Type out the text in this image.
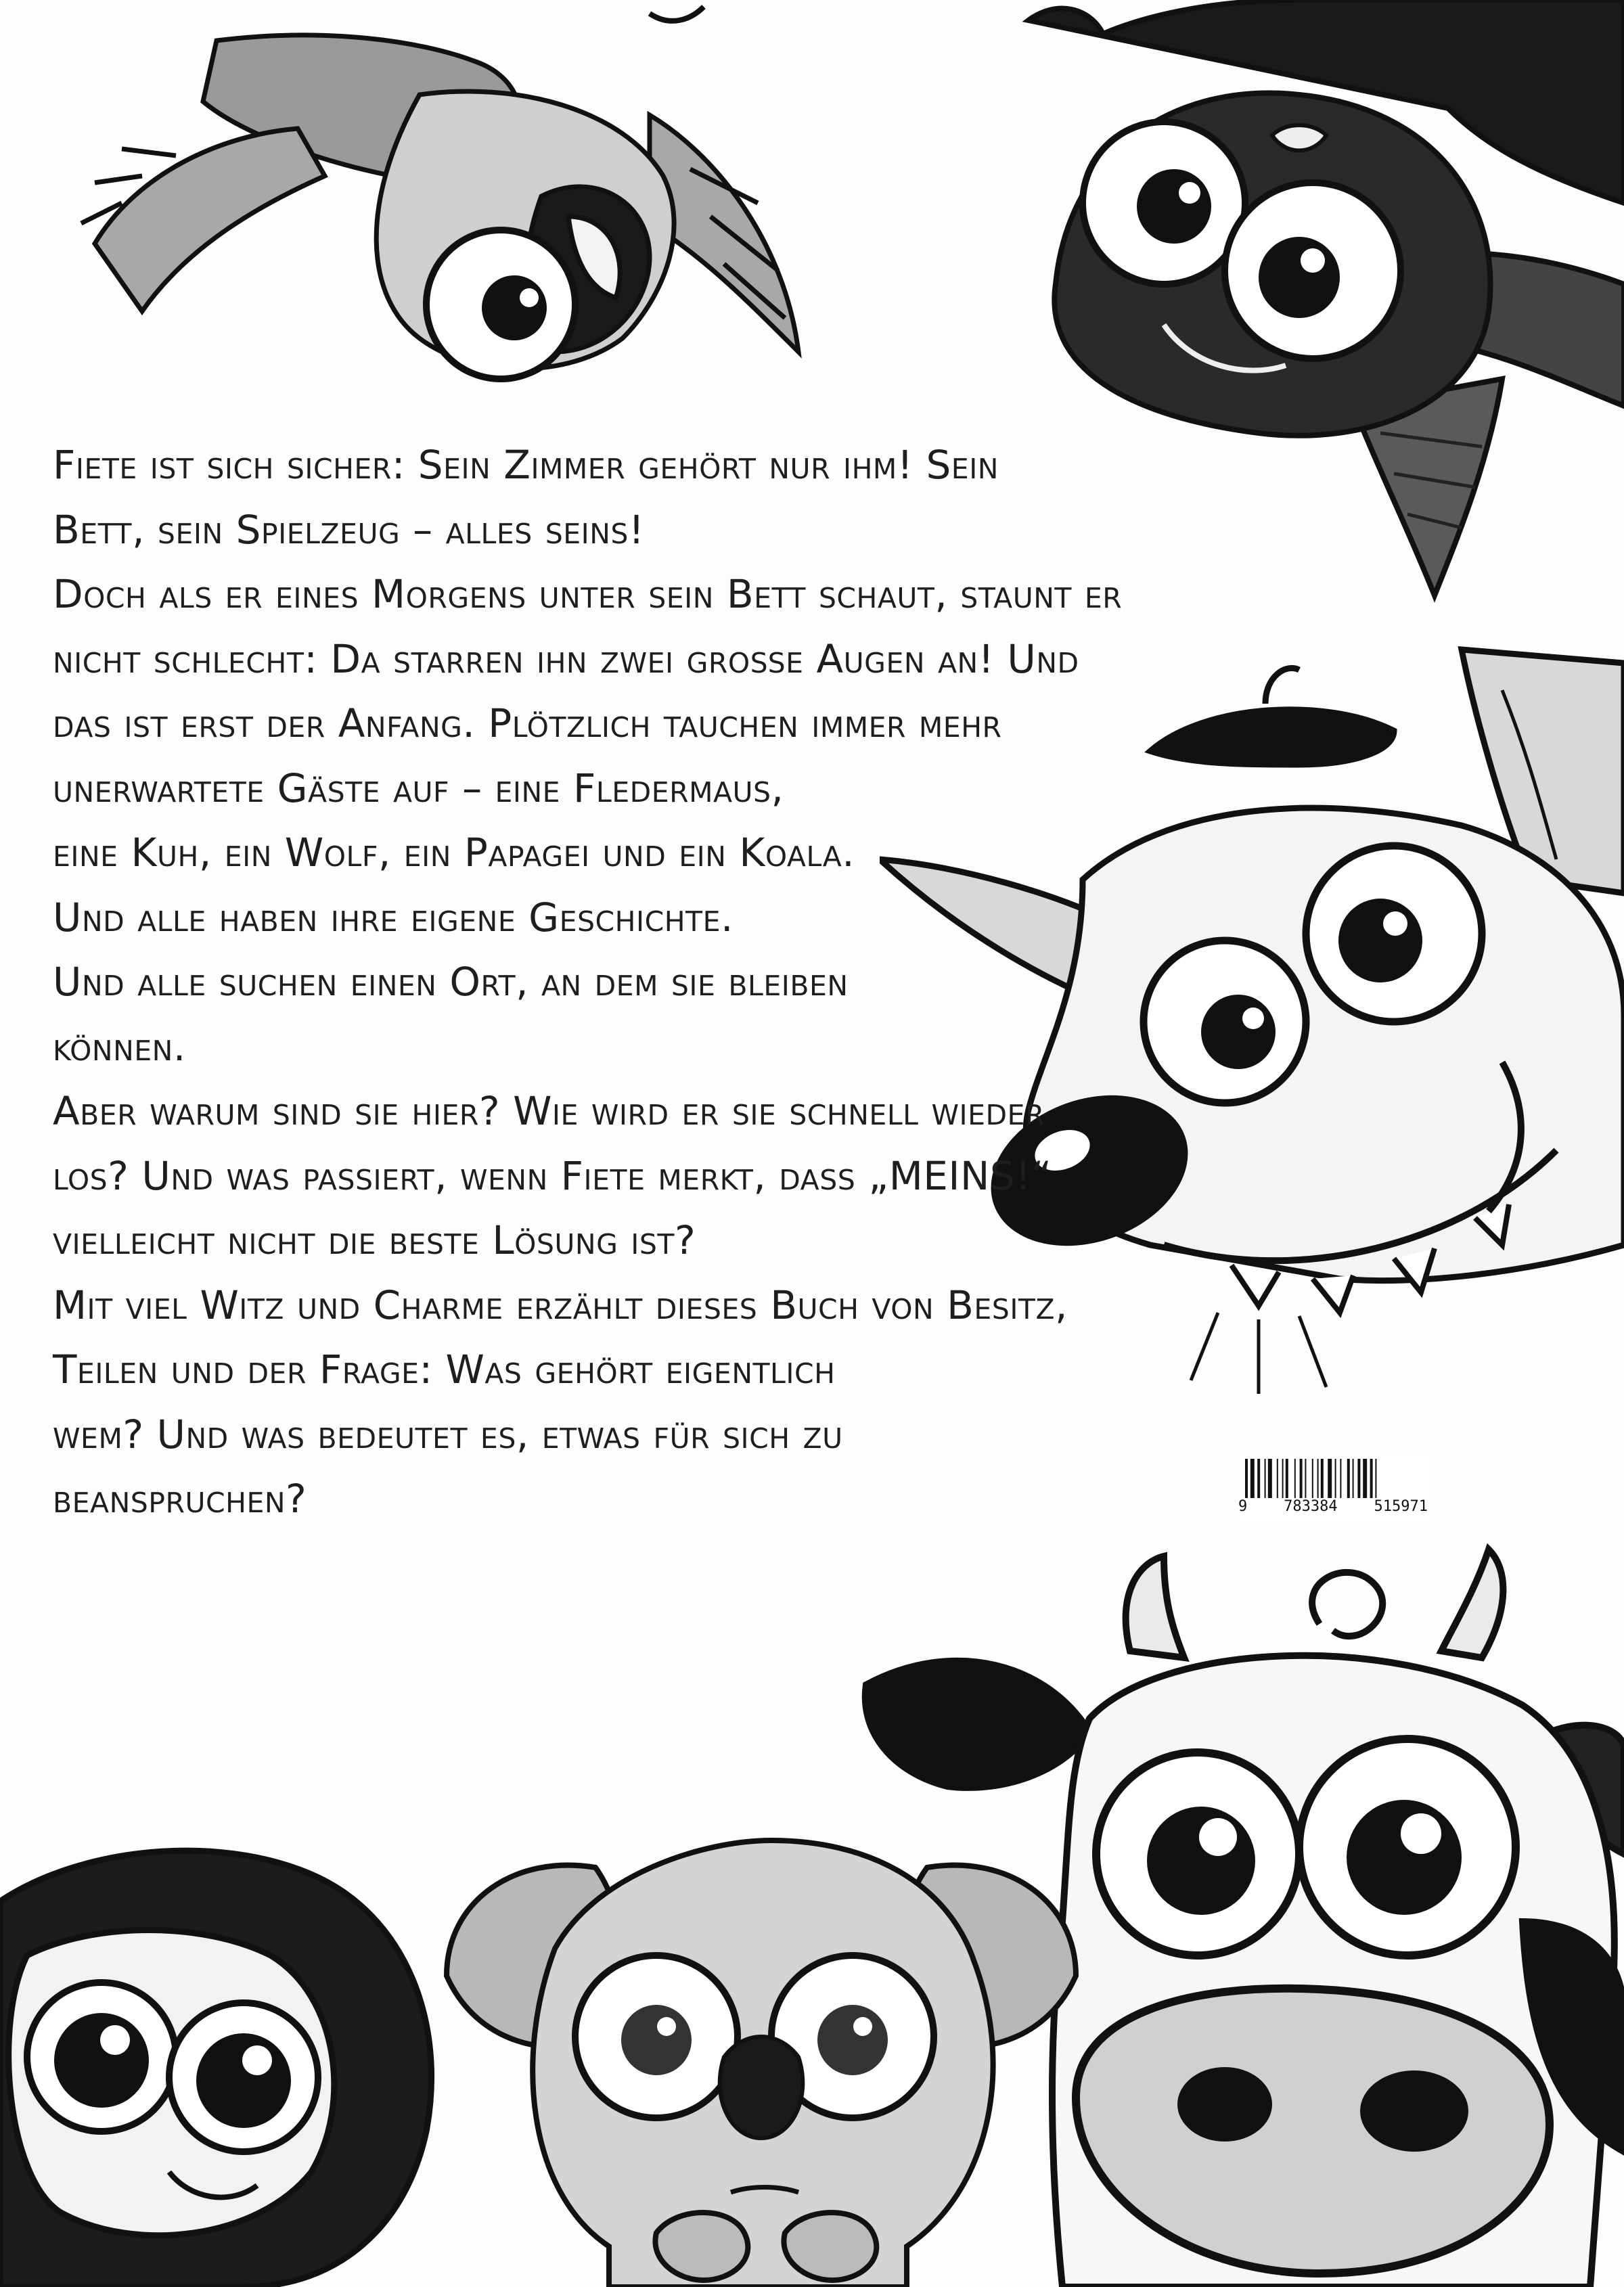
Fiete ist sich sicher: Sein Zimmer gehört nur ihm! Sein

Bett, sein Spielzeug – alles seins!

Doch als er eines Morgens unter sein Bett schaut, staunt er

nicht schlecht: Da starren ihn zwei große Augen an! Und

das ist erst der Anfang. Plötzlich tauchen immer mehr

unerwartete Gäste auf – eine Fledermaus,

eine Kuh, ein Wolf, ein Papagei und ein Koala.

Und alle haben ihre eigene Geschichte.

Und alle suchen einen Ort, an dem sie bleiben

können.

Aber warum sind sie hier? Wie wird er sie schnell wieder

los? Und was passiert, wenn Fiete merkt, dass „MEINS!“

vielleicht nicht die beste Lösung ist?

Mit viel Witz und Charme erzählt dieses Buch von Besitz,

Teilen und der Frage: Was gehört eigentlich

wem? Und was bedeutet es, etwas für sich zu

beanspruchen?	9 783384 515971
